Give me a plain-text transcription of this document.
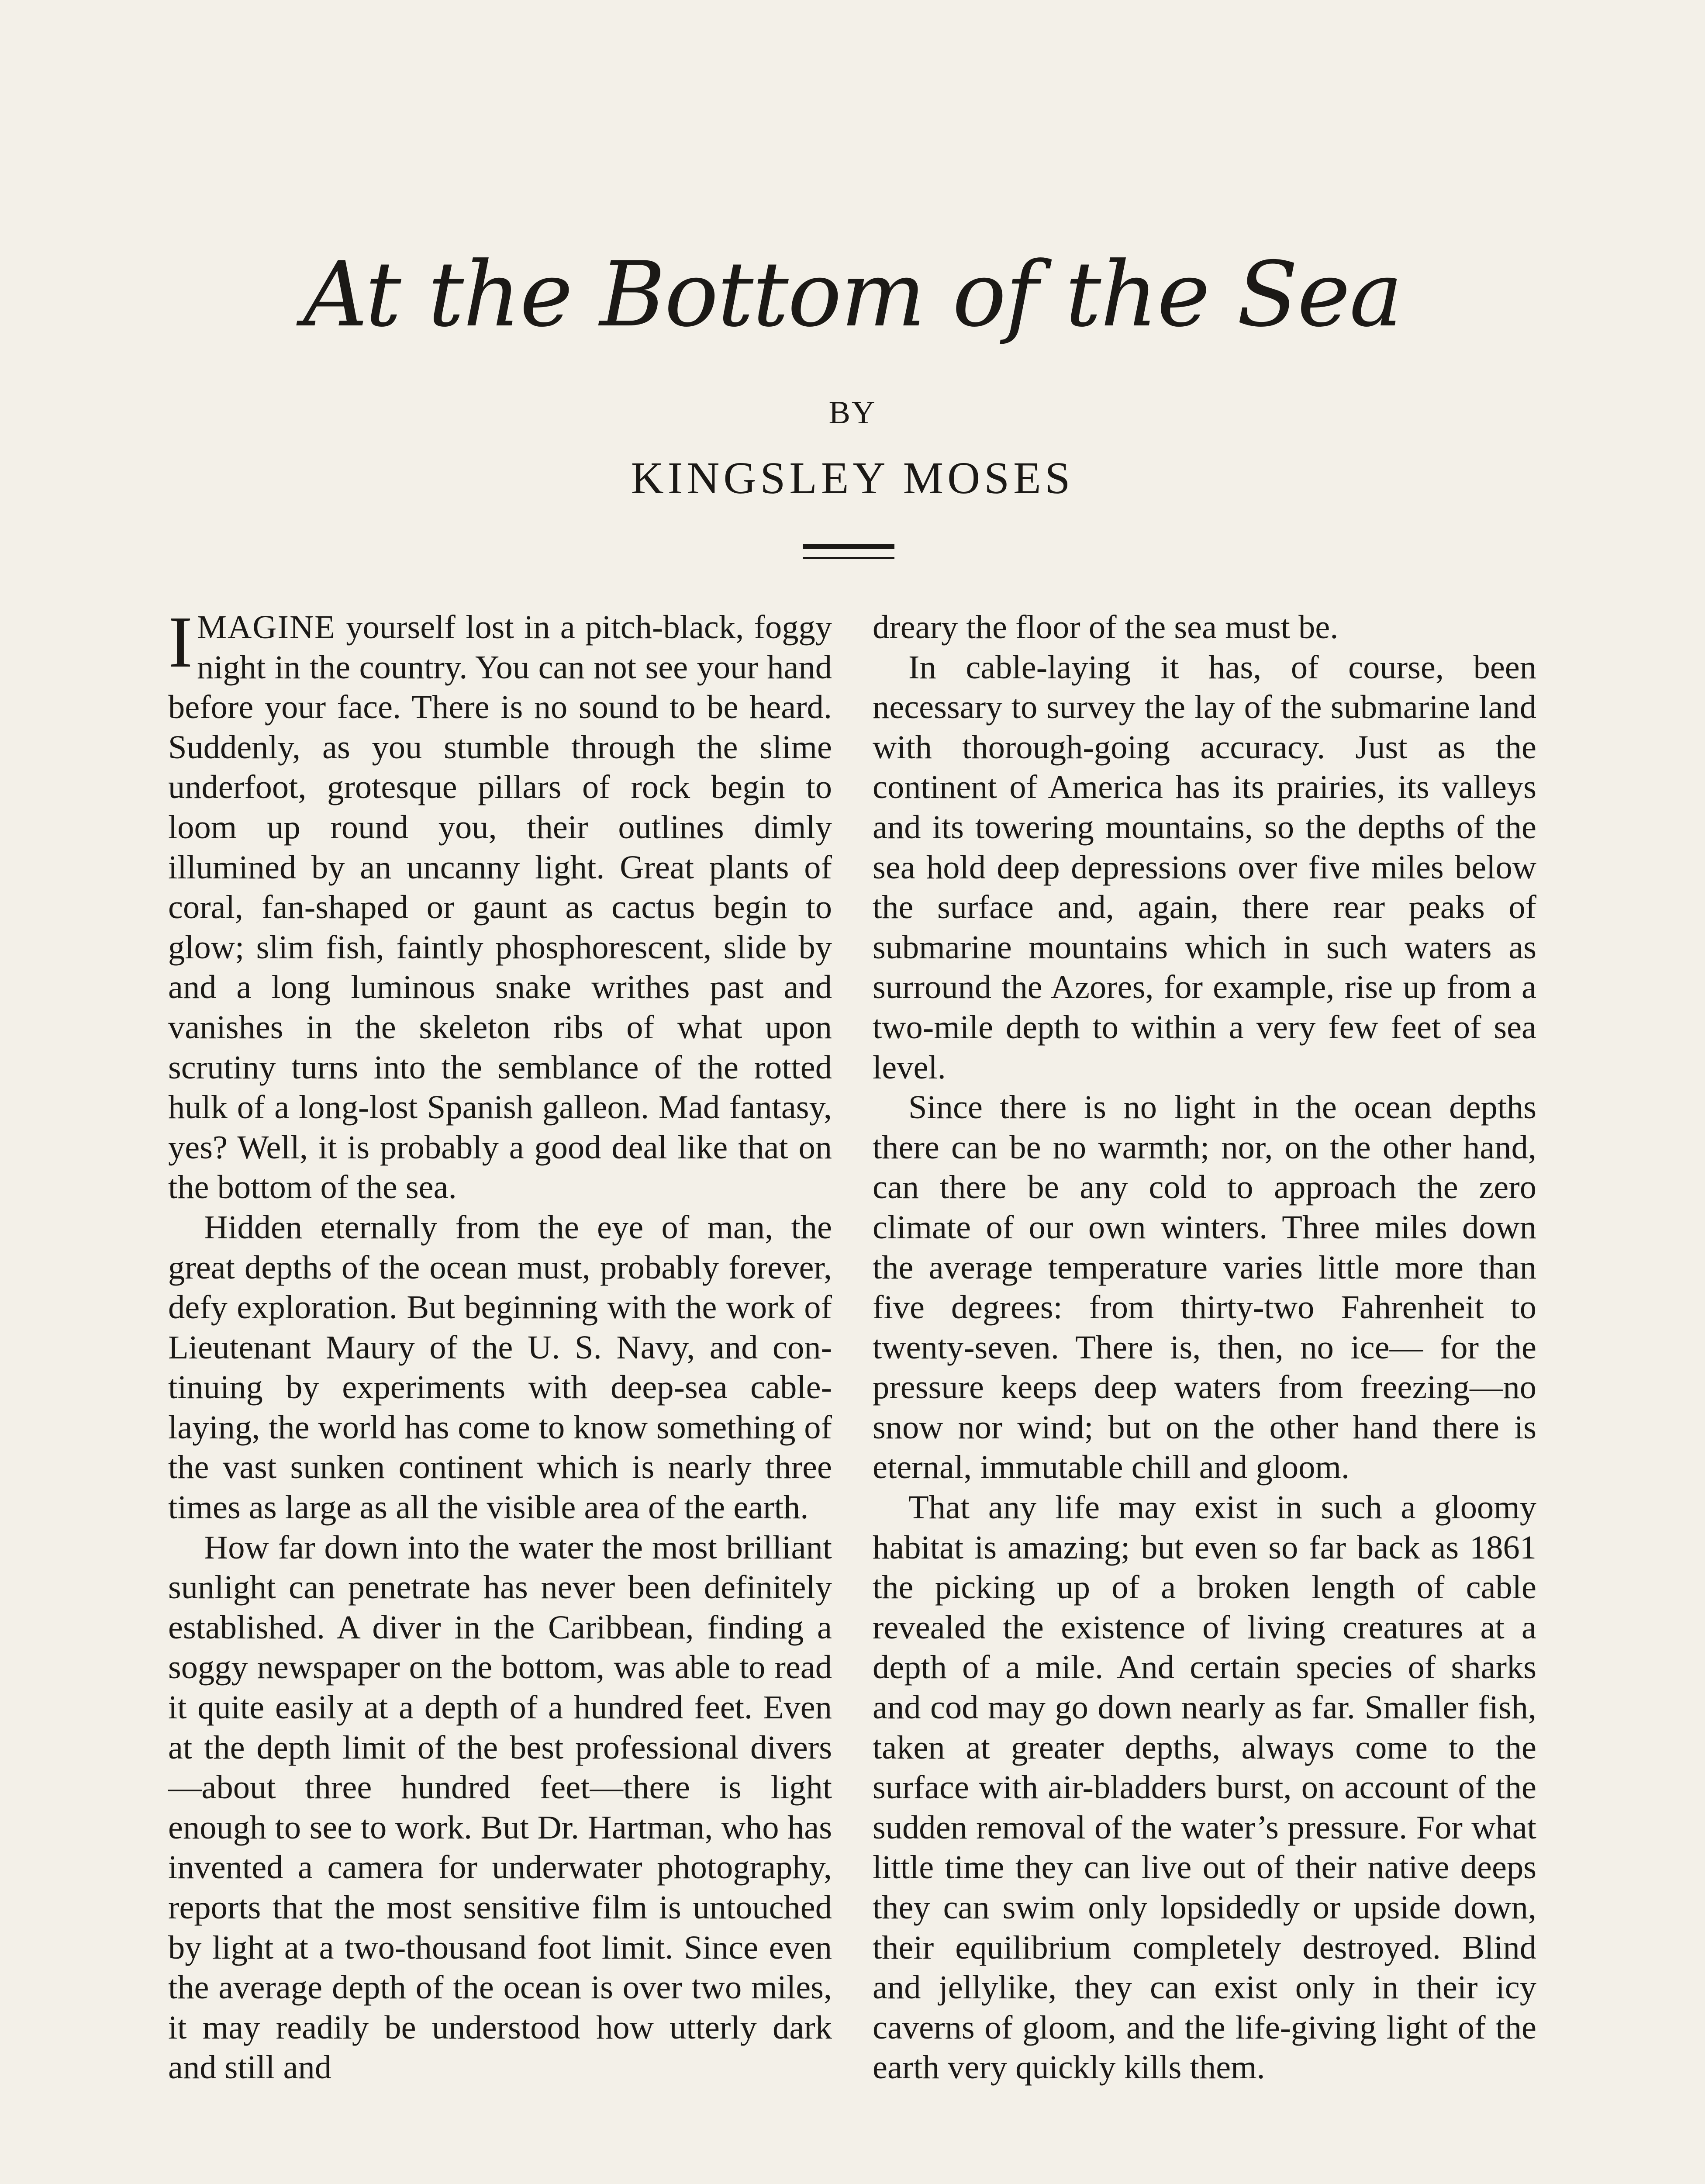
At the Bottom of the Sea
BY
KINGSLEY MOSES

IMAGINE yourself lost in a pitch-black, foggy night in the country. You can not see your hand before your face. There is no sound to be heard. Suddenly, as you stumble through the slime underfoot, grotesque pillars of rock begin to loom up round you, their outlines dimly illumined by an uncanny light. Great plants of coral, fan-shaped or gaunt as cactus begin to glow; slim fish, faintly phosphorescent, slide by and a long luminous snake writhes past and vanishes in the skeleton ribs of what upon scrutiny turns into the semblance of the rotted hulk of a long-lost Spanish galleon. Mad fantasy, yes? Well, it is probably a good deal like that on the bottom of the sea.

Hidden eternally from the eye of man, the great depths of the ocean must, probably forever, defy exploration. But beginning with the work of Lieutenant Maury of the U. S. Navy, and continuing by experiments with deep-sea cable-laying, the world has come to know something of the vast sunken continent which is nearly three times as large as all the visible area of the earth.

How far down into the water the most brilliant sunlight can penetrate has never been definitely established. A diver in the Caribbean, finding a soggy newspaper on the bottom, was able to read it quite easily at a depth of a hundred feet. Even at the depth limit of the best professional divers—about three hundred feet—there is light enough to see to work. But Dr. Hartman, who has invented a camera for underwater photography, reports that the most sensitive film is untouched by light at a two-thousand foot limit. Since even the average depth of the ocean is over two miles, it may readily be understood how utterly dark and still and

dreary the floor of the sea must be.

In cable-laying it has, of course, been necessary to survey the lay of the submarine land with thorough-going accuracy. Just as the continent of America has its prairies, its valleys and its towering mountains, so the depths of the sea hold deep depressions over five miles below the surface and, again, there rear peaks of submarine mountains which in such waters as surround the Azores, for example, rise up from a two-mile depth to within a very few feet of sea level.

Since there is no light in the ocean depths there can be no warmth; nor, on the other hand, can there be any cold to approach the zero climate of our own winters. Three miles down the average temperature varies little more than five degrees: from thirty-two Fahrenheit to twenty-seven. There is, then, no ice— for the pressure keeps deep waters from freezing—no snow nor wind; but on the other hand there is eternal, immutable chill and gloom.

That any life may exist in such a gloomy habitat is amazing; but even so far back as 1861 the picking up of a broken length of cable revealed the existence of living creatures at a depth of a mile. And certain species of sharks and cod may go down nearly as far. Smaller fish, taken at greater depths, always come to the surface with air-bladders burst, on account of the sudden removal of the water’s pressure. For what little time they can live out of their native deeps they can swim only lopsidedly or upside down, their equilibrium completely destroyed. Blind and jellylike, they can exist only in their icy caverns of gloom, and the life-giving light of the earth very quickly kills them.
